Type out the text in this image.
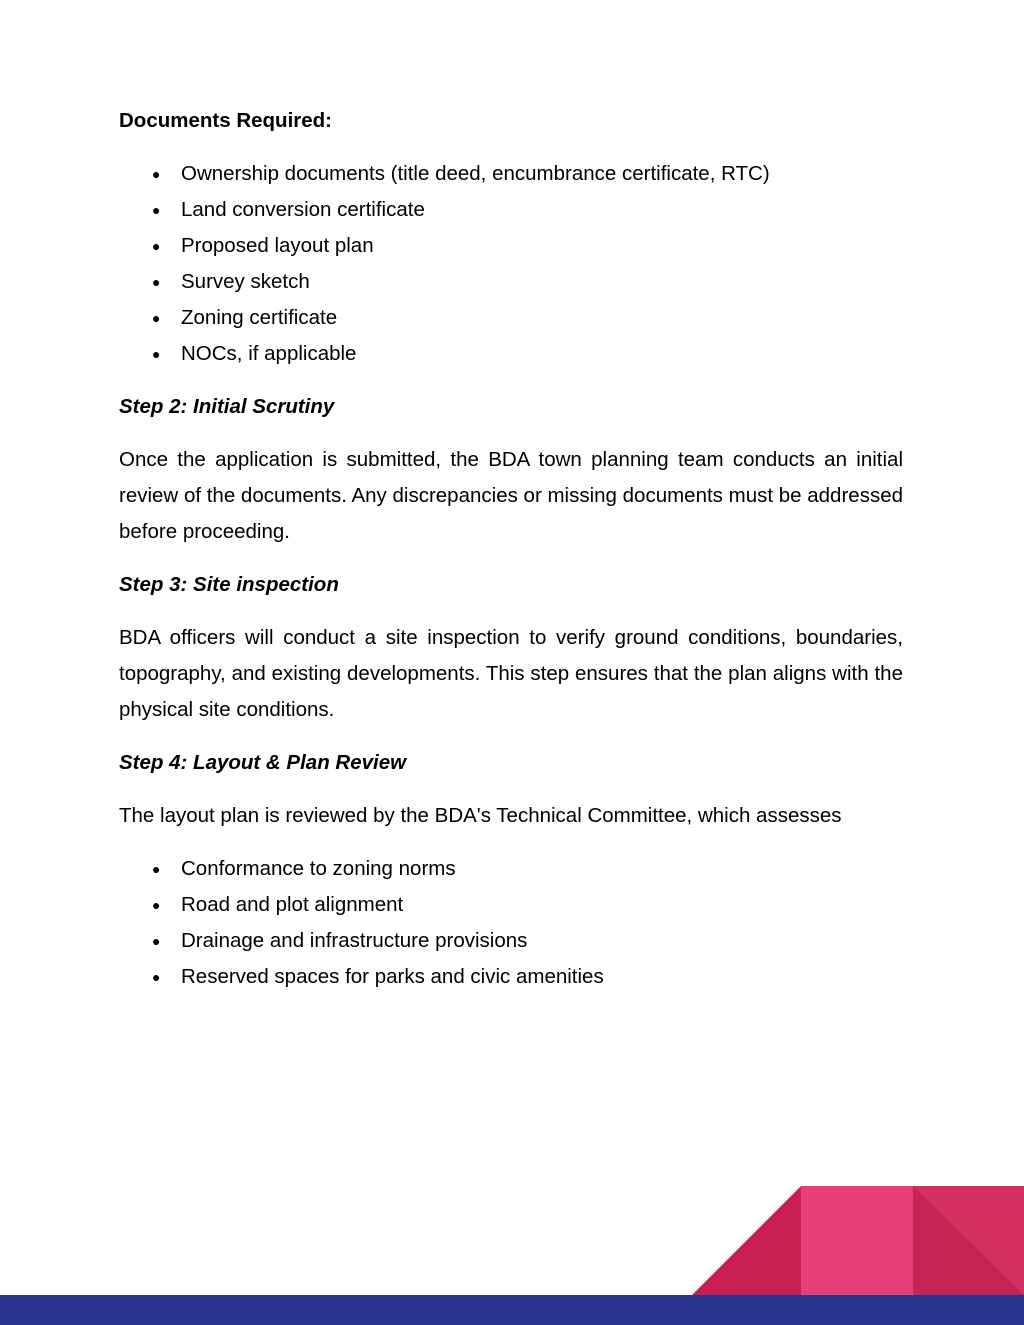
Documents Required:
● Ownership documents (title deed, encumbrance certificate, RTC)
● Land conversion certificate
● Proposed layout plan
● Survey sketch
● Zoning certificate
● NOCs, if applicable
Step 2: Initial Scrutiny

Once the application is submitted, the BDA town planning team conducts an initial review of the documents. Any discrepancies or missing documents must be addressed before proceeding.

Step 3: Site inspection

BDA officers will conduct a site inspection to verify ground conditions, boundaries, topography, and existing developments. This step ensures that the plan aligns with the physical site conditions.

Step 4: Layout & Plan Review

The layout plan is reviewed by the BDA's Technical Committee, which assesses

● Conformance to zoning norms
● Road and plot alignment
● Drainage and infrastructure provisions
● Reserved spaces for parks and civic amenities
